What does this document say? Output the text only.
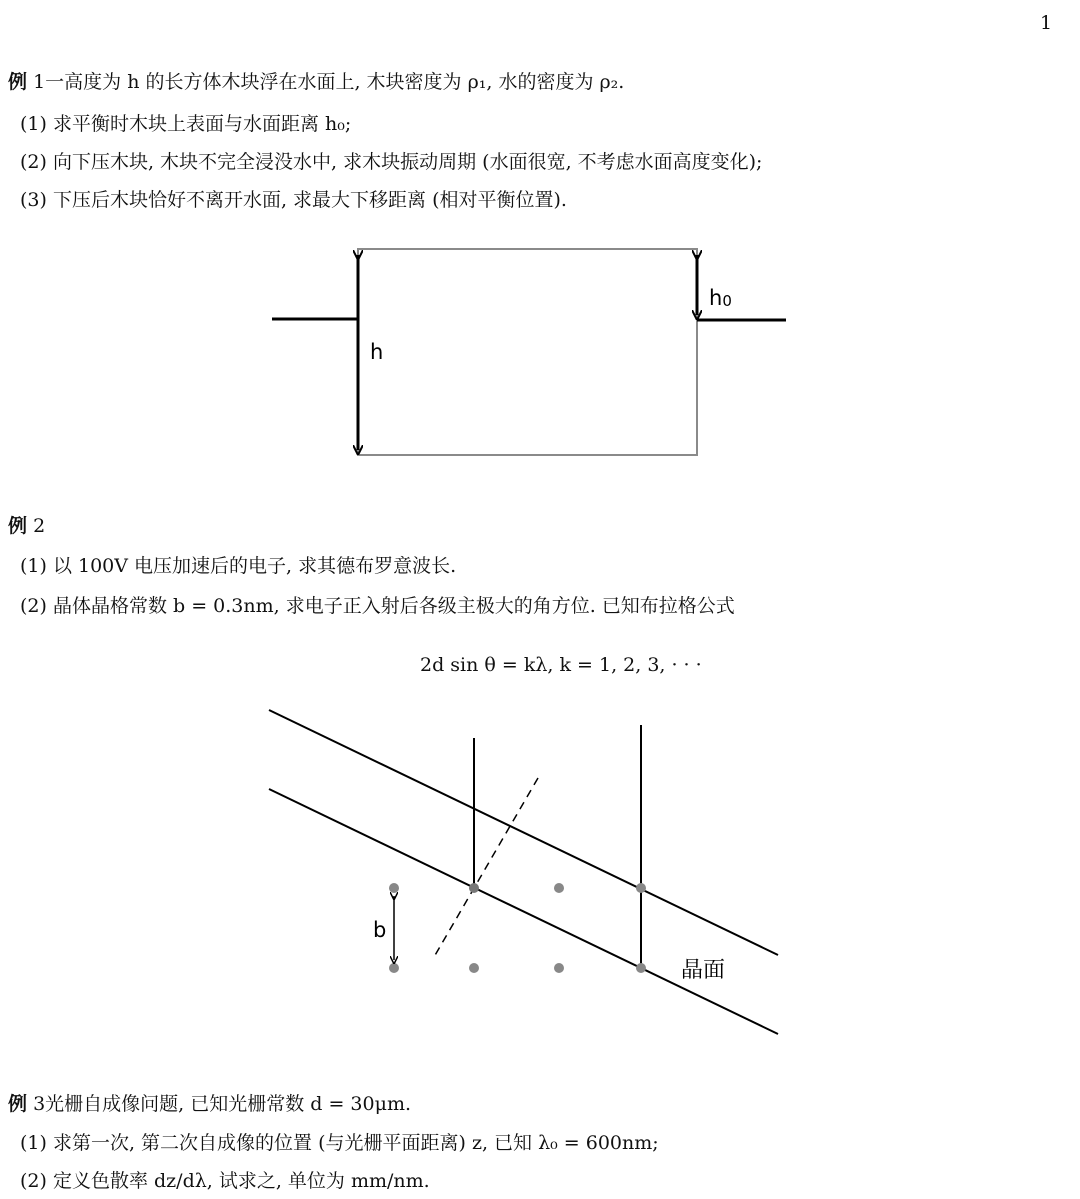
1
例 1一高度为 h 的长方体木块浮在水面上, 木块密度为 ρ₁, 水的密度为 ρ₂.
(1) 求平衡时木块上表面与水面距离 h₀;
(2) 向下压木块, 木块不完全浸没水中, 求木块振动周期 (水面很宽, 不考虑水面高度变化);
(3) 下压后木块恰好不离开水面, 求最大下移距离 (相对平衡位置).
h0
h
例 2
(1) 以 100V 电压加速后的电子, 求其德布罗意波长.
(2) 晶体晶格常数 b = 0.3nm, 求电子正入射后各级主极大的角方位. 已知布拉格公式
2d sin θ = kλ, k = 1, 2, 3, · · ·
b
晶面
例 3光栅自成像问题, 已知光栅常数 d = 30μm.
(1) 求第一次, 第二次自成像的位置 (与光栅平面距离) z, 已知 λ₀ = 600nm;
(2) 定义色散率 dz/dλ, 试求之, 单位为 mm/nm.
